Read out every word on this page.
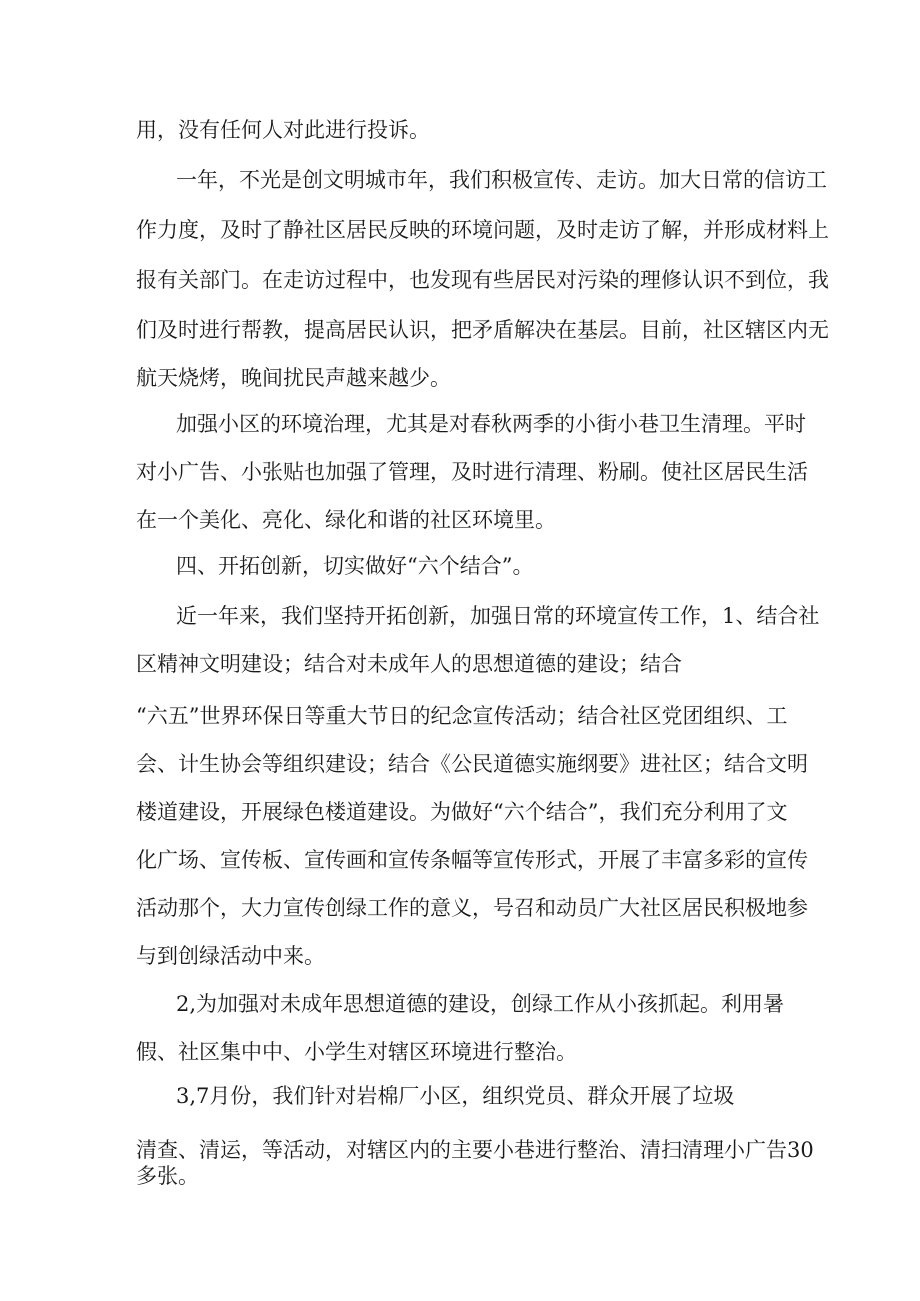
用，没有任何人对此进行投诉。

一年，不光是创文明城市年，我们积极宣传、走访。加大日常的信访工

作力度，及时了静社区居民反映的环境问题，及时走访了解，并形成材料上

报有关部门。在走访过程中，也发现有些居民对污染的理修认识不到位，我

们及时进行帮教，提高居民认识，把矛盾解决在基层。目前，社区辖区内无

航天烧烤，晚间扰民声越来越少。

加强小区的环境治理，尤其是对春秋两季的小街小巷卫生清理。平时

对小广告、小张贴也加强了管理，及时进行清理、粉刷。使社区居民生活

在一个美化、亮化、绿化和谐的社区环境里。

四、开拓创新，切实做好“六个结合”。

近一年来，我们坚持开拓创新，加强日常的环境宣传工作，1、结合社

区精神文明建设；结合对未成年人的思想道德的建设；结合

“六五”世界环保日等重大节日的纪念宣传活动；结合社区党团组织、工

会、计生协会等组织建设；结合《公民道德实施纲要》进社区；结合文明

楼道建设，开展绿色楼道建设。为做好“六个结合”，我们充分利用了文

化广场、宣传板、宣传画和宣传条幅等宣传形式，开展了丰富多彩的宣传

活动那个，大力宣传创绿工作的意义，号召和动员广大社区居民积极地参

与到创绿活动中来。

2,为加强对未成年思想道德的建设，创绿工作从小孩抓起。利用暑

假、社区集中中、小学生对辖区环境进行整治。

3,7月份，我们针对岩棉厂小区，组织党员、群众开展了垃圾

清查、清运，等活动，对辖区内的主要小巷进行整治、清扫清理小广告30

多张。
